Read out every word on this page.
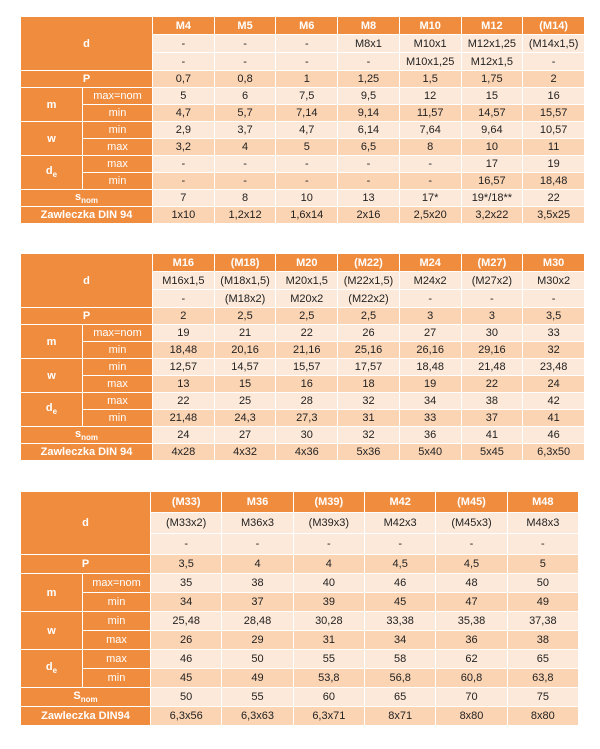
d		M4	M5	M6	M8	M10	M12	(M14)
		-	-	-	M8x1	M10x1	M12x1,25	(M14x1,5)
		-	-	-	-	M10x1,25	M12x1,5	-
P		0,7	0,8	1	1,25	1,5	1,75	2
m	max=nom	5	6	7,5	9,5	12	15	16
	min	4,7	5,7	7,14	9,14	11,57	14,57	15,57
w	min	2,9	3,7	4,7	6,14	7,64	9,64	10,57
	max	3,2	4	5	6,5	8	10	11
$d_e$	max	-	-	-	-	-	17	19
	min	-	-	-	-	-	16,57	18,48
$s_{nom}$		7	8	10	13	17*	19*/18**	22
Zawleczka DIN 94		1x10	1,2x12	1,6x14	2x16	2,5x20	3,2x22	3,5x25
d		M16	(M18)	M20	(M22)	M24	(M27)	M30
		M16x1,5	(M18x1,5)	M20x1,5	(M22x1,5)	M24x2	(M27x2)	M30x2
		-	(M18x2)	M20x2	(M22x2)	-	-	-
P		2	2,5	2,5	2,5	3	3	3,5
m	max=nom	19	21	22	26	27	30	33
	min	18,48	20,16	21,16	25,16	26,16	29,16	32
w	min	12,57	14,57	15,57	17,57	18,48	21,48	23,48
	max	13	15	16	18	19	22	24
$d_e$	max	22	25	28	32	34	38	42
	min	21,48	24,3	27,3	31	33	37	41
$s_{nom}$		24	27	30	32	36	41	46
Zawleczka DIN 94		4x28	4x32	4x36	5x36	5x40	5x45	6,3x50
d		(M33)	M36	(M39)	M42	(M45)	M48
		(M33x2)	M36x3	(M39x3)	M42x3	(M45x3)	M48x3
		-	-	-	-	-	-
P		3,5	4	4	4,5	4,5	5
m	max=nom	35	38	40	46	48	50
	min	34	37	39	45	47	49
w	min	25,48	28,48	30,28	33,38	35,38	37,38
	max	26	29	31	34	36	38
$d_e$	max	46	50	55	58	62	65
	min	45	49	53,8	56,8	60,8	63,8
$S_{nom}$		50	55	60	65	70	75
Zawleczka DIN94		6,3x56	6,3x63	6,3x71	8x71	8x80	8x80
